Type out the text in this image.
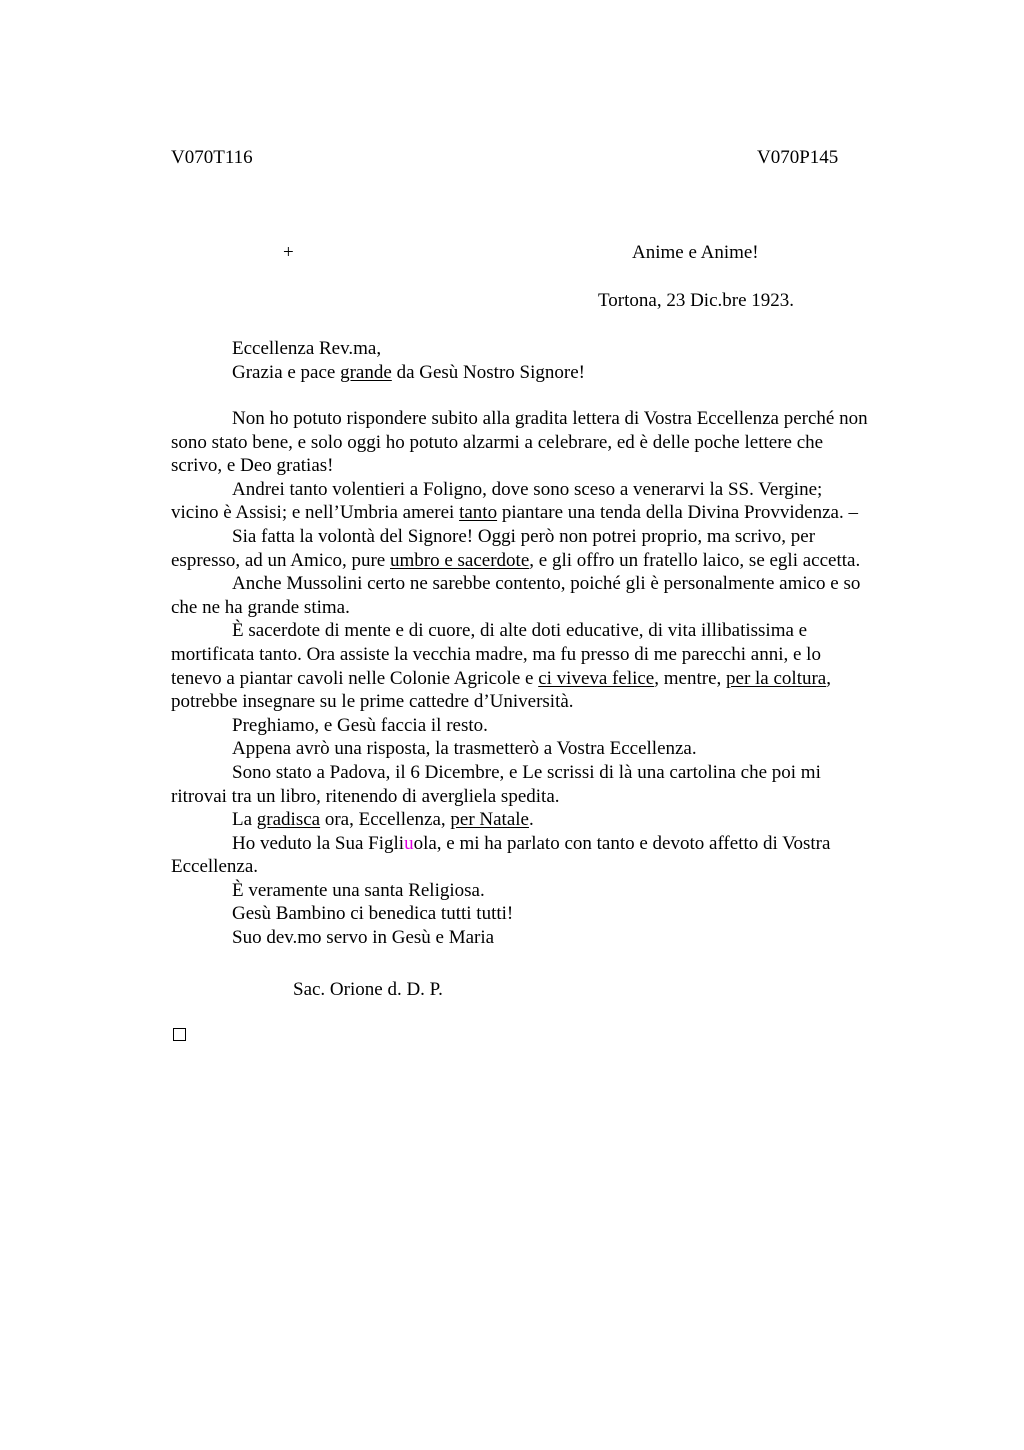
V070T116	V070P145
+	Anime e Anime!
Tortona, 23 Dic.bre 1923.
Eccellenza Rev.ma,
Grazia e pace grande da Gesù Nostro Signore!
Non ho potuto rispondere subito alla gradita lettera di Vostra Eccellenza perché non
sono stato bene, e solo oggi ho potuto alzarmi a celebrare, ed è delle poche lettere che
scrivo, e Deo gratias!
Andrei tanto volentieri a Foligno, dove sono sceso a venerarvi la SS. Vergine;
vicino è Assisi; e nell’Umbria amerei tanto piantare una tenda della Divina Provvidenza. –
Sia fatta la volontà del Signore! Oggi però non potrei proprio, ma scrivo, per
espresso, ad un Amico, pure umbro e sacerdote, e gli offro un fratello laico, se egli accetta.
Anche Mussolini certo ne sarebbe contento, poiché gli è personalmente amico e so
che ne ha grande stima.
È sacerdote di mente e di cuore, di alte doti educative, di vita illibatissima e
mortificata tanto. Ora assiste la vecchia madre, ma fu presso di me parecchi anni, e lo
tenevo a piantar cavoli nelle Colonie Agricole e ci viveva felice, mentre, per la coltura,
potrebbe insegnare su le prime cattedre d’Università.
Preghiamo, e Gesù faccia il resto.
Appena avrò una risposta, la trasmetterò a Vostra Eccellenza.
Sono stato a Padova, il 6 Dicembre, e Le scrissi di là una cartolina che poi mi
ritrovai tra un libro, ritenendo di avergliela spedita.
La gradisca ora, Eccellenza, per Natale.
Ho veduto la Sua Figliuola, e mi ha parlato con tanto e devoto affetto di Vostra
Eccellenza.
È veramente una santa Religiosa.
Gesù Bambino ci benedica tutti tutti!
Suo dev.mo servo in Gesù e Maria
Sac. Orione d. D. P.
